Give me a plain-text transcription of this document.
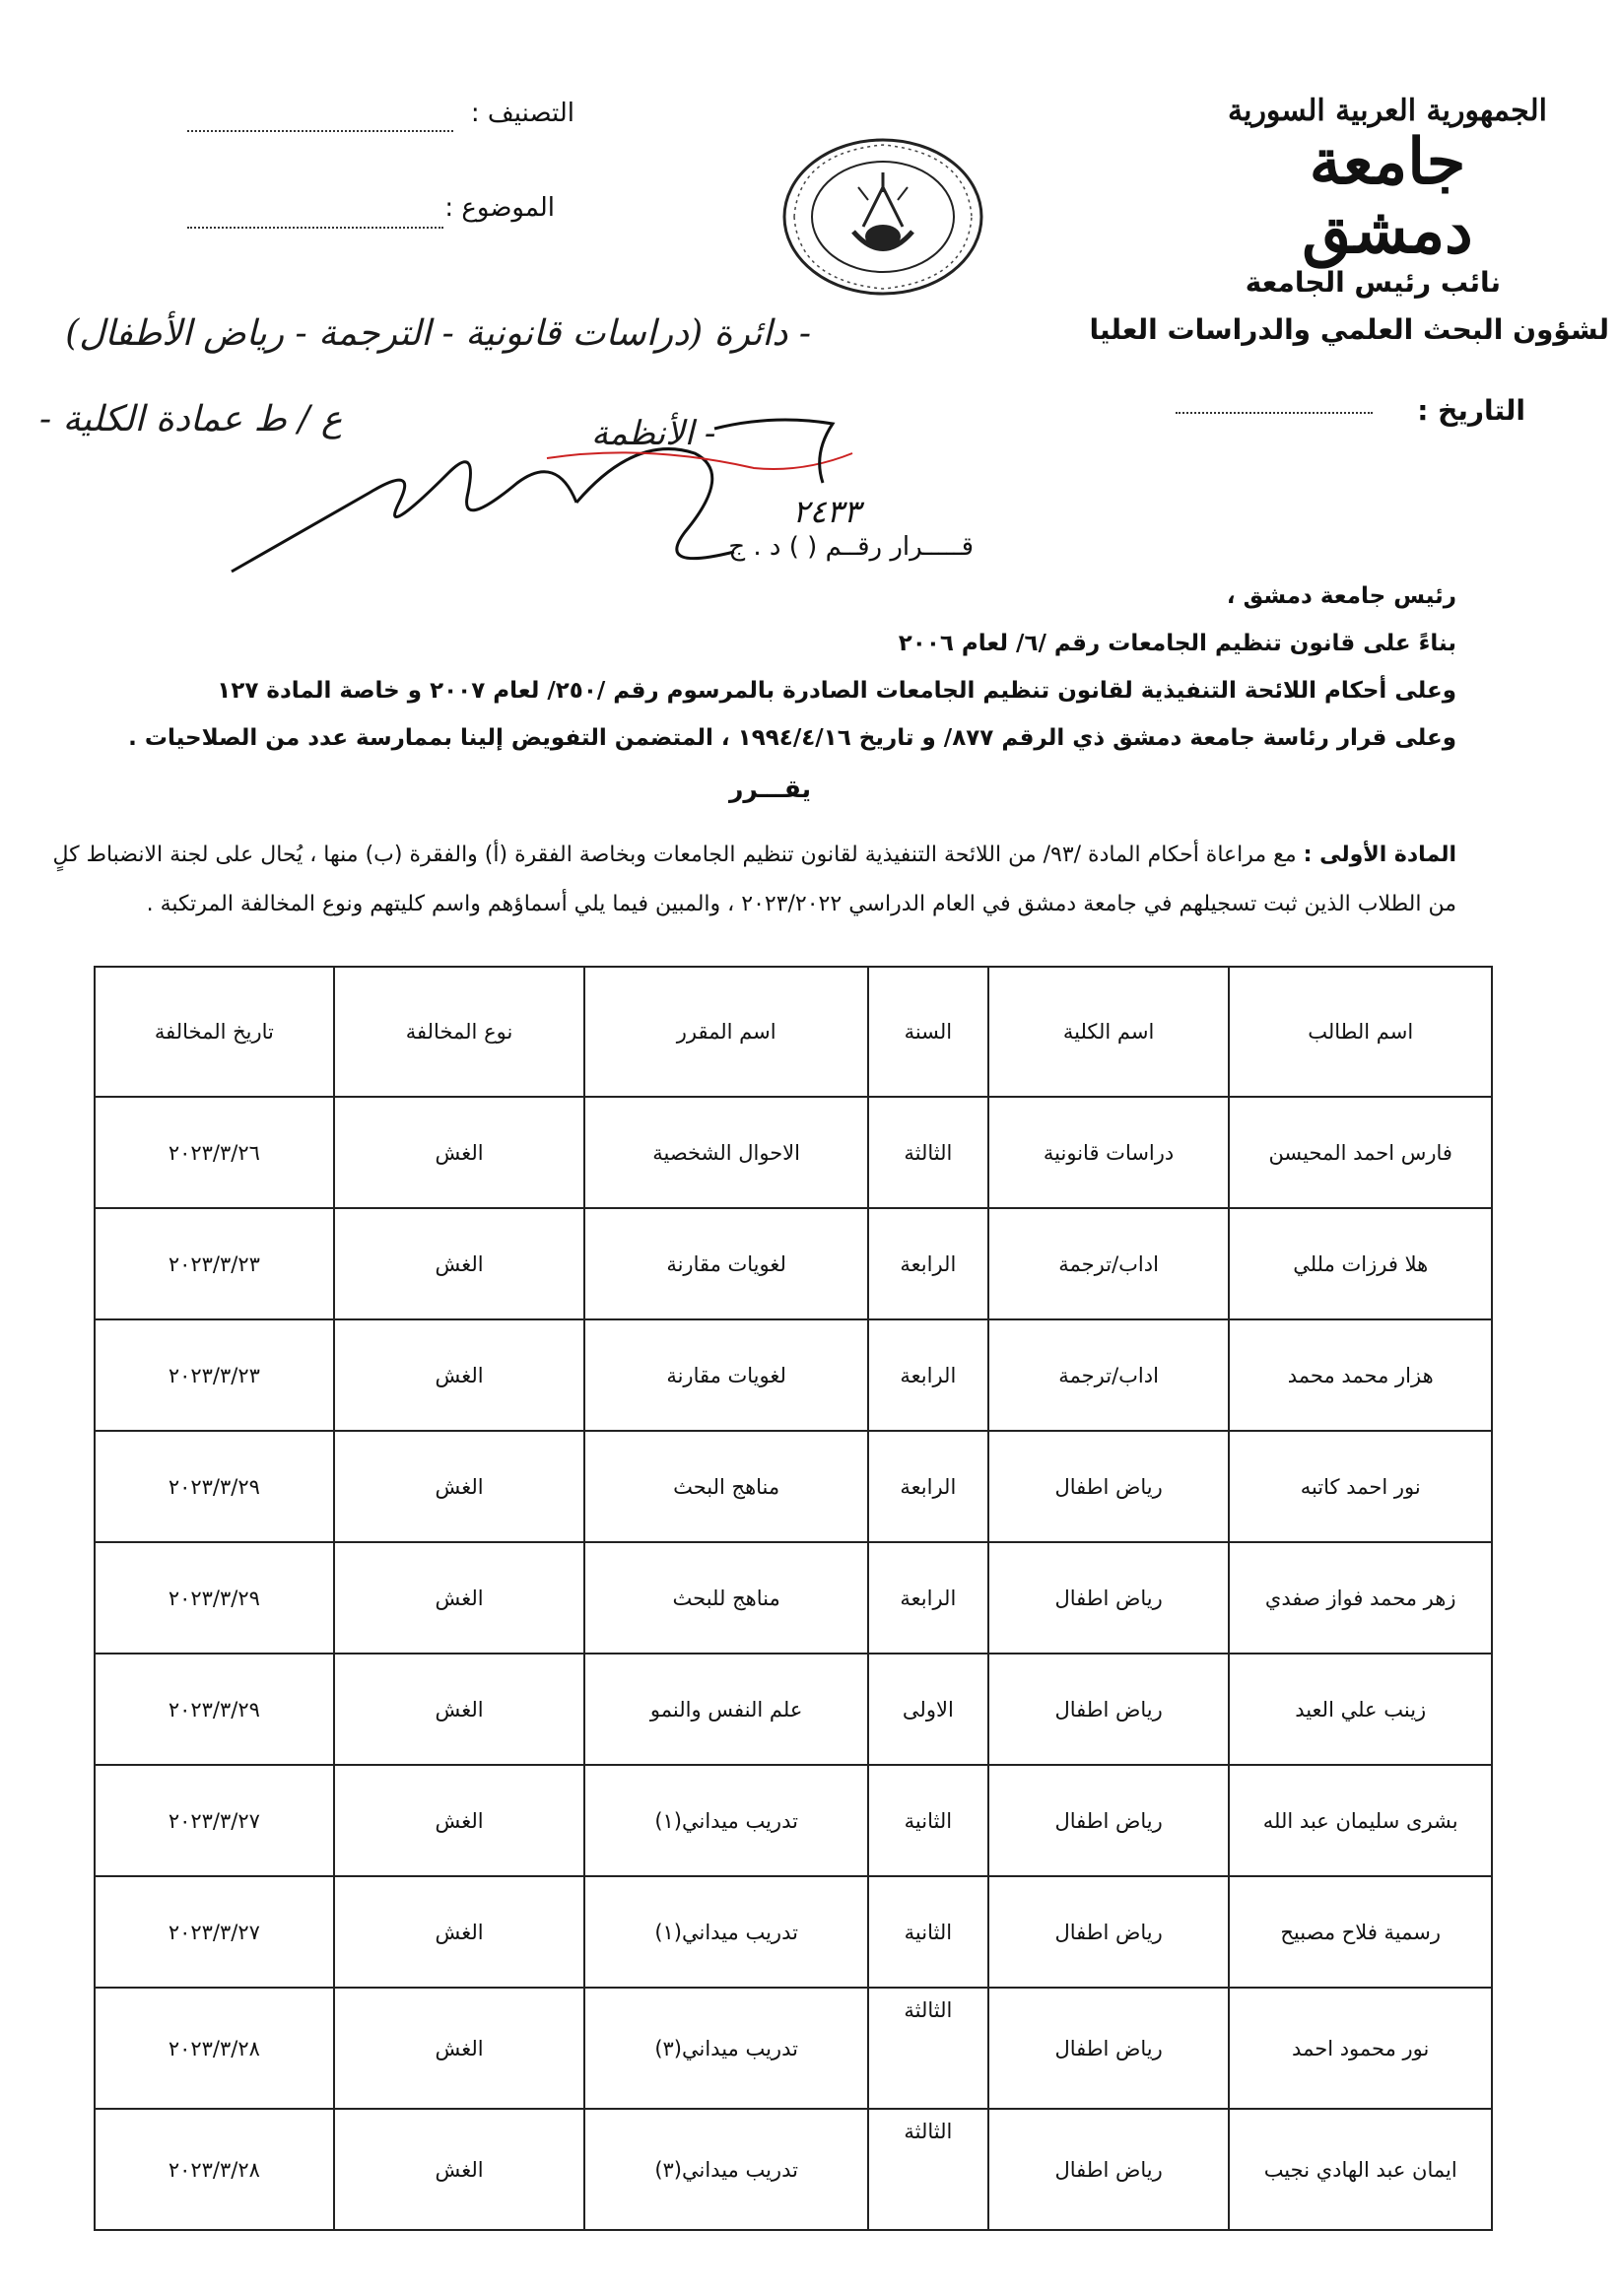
الجمهورية العربية السورية
جامعة دمشق
نائب رئيس الجامعة
لشؤون البحث العلمي والدراسات العليا
التاريخ :
التصنيف :
الموضوع :
- دائرة (دراسات قانونية - الترجمة - رياض الأطفال)
ع / ط عمادة الكلية -	- الأنظمة
٢٤٣٣
قـــــرار رقــم ( ) د . ج
رئيس جامعة دمشق ،
بناءً على قانون تنظيم الجامعات رقم /٦/ لعام ٢٠٠٦
وعلى أحكام اللائحة التنفيذية لقانون تنظيم الجامعات الصادرة بالمرسوم رقم /٢٥٠/ لعام ٢٠٠٧ و خاصة المادة ١٢٧
وعلى قرار رئاسة جامعة دمشق ذي الرقم ٨٧٧/ و تاريخ ١٩٩٤/٤/١٦ ، المتضمن التفويض إلينا بممارسة عدد من الصلاحيات .
يقـــرر
المادة الأولى : مع مراعاة أحكام المادة /٩٣/ من اللائحة التنفيذية لقانون تنظيم الجامعات وبخاصة الفقرة (أ) والفقرة (ب) منها ، يُحال على لجنة الانضباط كلٍ
من الطلاب الذين ثبت تسجيلهم في جامعة دمشق في العام الدراسي ٢٠٢٣/٢٠٢٢ ، والمبين فيما يلي أسماؤهم واسم كليتهم ونوع المخالفة المرتكبة .
اسم الطالب	اسم الكلية	السنة	اسم المقرر	نوع المخالفة	تاريخ المخالفة
فارس احمد المحيسن	دراسات قانونية	الثالثة	الاحوال الشخصية	الغش	٢٠٢٣/٣/٢٦
هلا فرزات مللي	اداب/ترجمة	الرابعة	لغويات مقارنة	الغش	٢٠٢٣/٣/٢٣
هزار محمد محمد	اداب/ترجمة	الرابعة	لغويات مقارنة	الغش	٢٠٢٣/٣/٢٣
نور احمد كاتبه	رياض اطفال	الرابعة	مناهج البحث	الغش	٢٠٢٣/٣/٢٩
زهر محمد فواز صفدي	رياض اطفال	الرابعة	مناهج للبحث	الغش	٢٠٢٣/٣/٢٩
زينب علي العيد	رياض اطفال	الاولى	علم النفس والنمو	الغش	٢٠٢٣/٣/٢٩
بشرى سليمان عبد الله	رياض اطفال	الثانية	تدريب ميداني(١)	الغش	٢٠٢٣/٣/٢٧
رسمية فلاح مصبيح	رياض اطفال	الثانية	تدريب ميداني(١)	الغش	٢٠٢٣/٣/٢٧
نور محمود احمد	رياض اطفال	الثالثة	تدريب ميداني(٣)	الغش	٢٠٢٣/٣/٢٨
ايمان عبد الهادي نجيب	رياض اطفال	الثالثة	تدريب ميداني(٣)	الغش	٢٠٢٣/٣/٢٨
